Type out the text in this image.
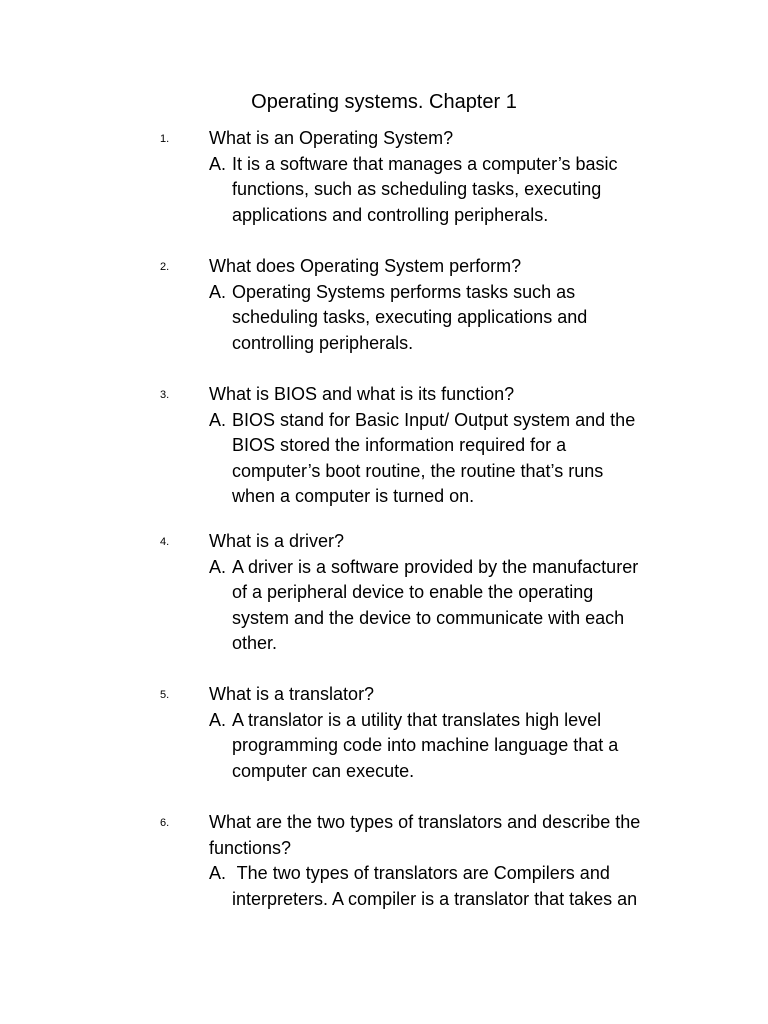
Operating systems. Chapter 1
1. What is an Operating System?
A. It is a software that manages a computer’s basic
functions, such as scheduling tasks, executing
applications and controlling peripherals.
2. What does Operating System perform?
A. Operating Systems performs tasks such as
scheduling tasks, executing applications and
controlling peripherals.
3. What is BIOS and what is its function?
A. BIOS stand for Basic Input/ Output system and the
BIOS stored the information required for a
computer’s boot routine, the routine that’s runs
when a computer is turned on.
4. What is a driver?
A. A driver is a software provided by the manufacturer
of a peripheral device to enable the operating
system and the device to communicate with each
other.
5. What is a translator?
A. A translator is a utility that translates high level
programming code into machine language that a
computer can execute.
6. What are the two types of translators and describe the
functions?
A. The two types of translators are Compilers and
interpreters. A compiler is a translator that takes an
